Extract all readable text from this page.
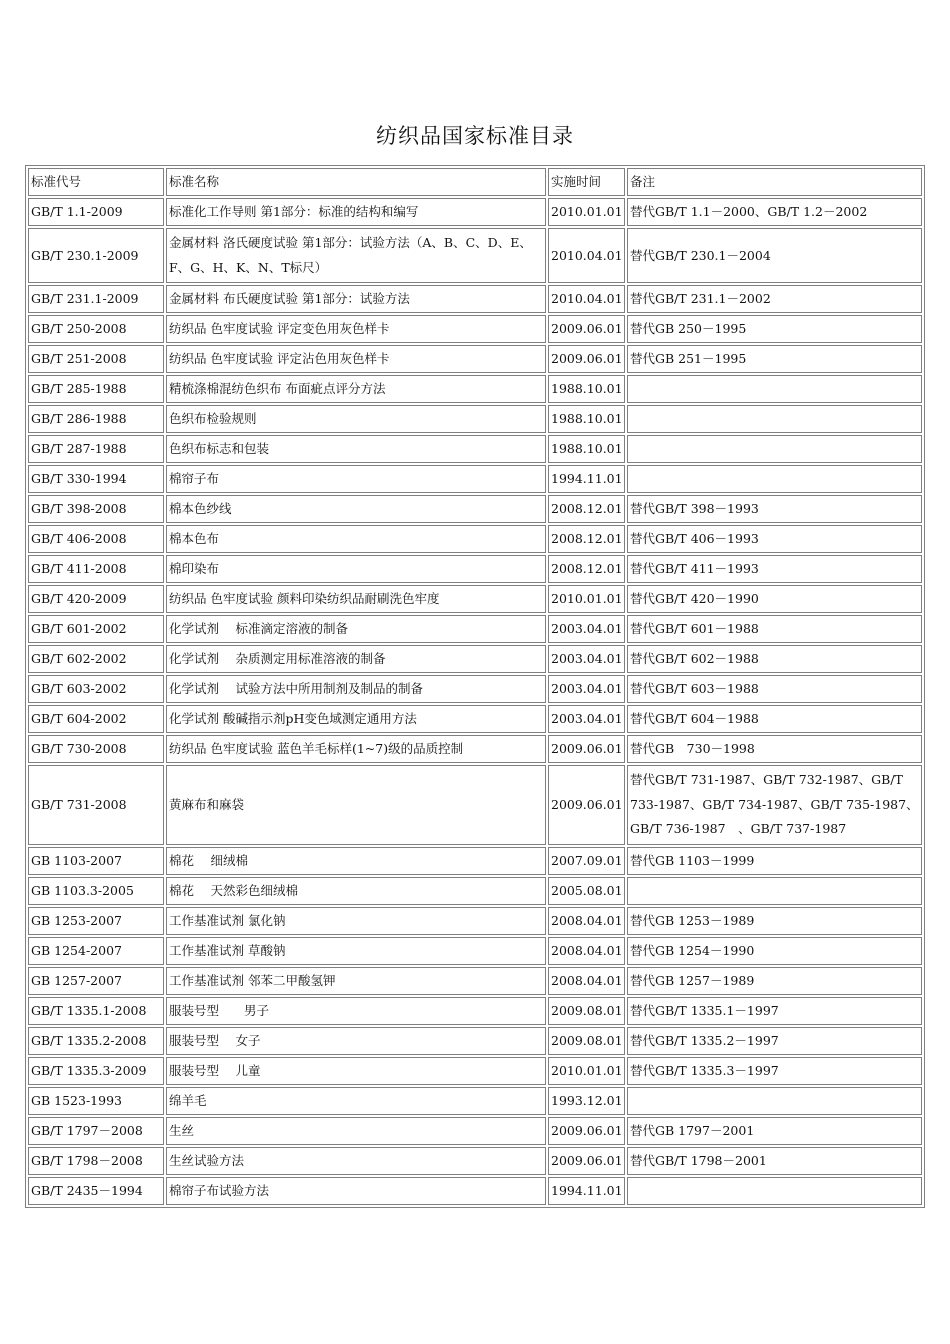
纺织品国家标准目录
标准代号	标准名称	实施时间	备注
GB/T 1.1-2009	标准化工作导则 第1部分：标准的结构和编写	2010.01.01	替代GB/T 1.1－2000、GB/T 1.2－2002
GB/T 230.1-2009	金属材料 洛氏硬度试验 第1部分：试验方法（A、B、C、D、E、F、G、H、K、N、T标尺）	2010.04.01	替代GB/T 230.1－2004
GB/T 231.1-2009	金属材料 布氏硬度试验 第1部分：试验方法	2010.04.01	替代GB/T 231.1－2002
GB/T 250-2008	纺织品 色牢度试验 评定变色用灰色样卡	2009.06.01	替代GB 250－1995
GB/T 251-2008	纺织品 色牢度试验 评定沾色用灰色样卡	2009.06.01	替代GB 251－1995
GB/T 285-1988	精梳涤棉混纺色织布 布面疵点评分方法	1988.10.01	
GB/T 286-1988	色织布检验规则	1988.10.01	
GB/T 287-1988	色织布标志和包装	1988.10.01	
GB/T 330-1994	棉帘子布	1994.11.01	
GB/T 398-2008	棉本色纱线	2008.12.01	替代GB/T 398－1993
GB/T 406-2008	棉本色布	2008.12.01	替代GB/T 406－1993
GB/T 411-2008	棉印染布	2008.12.01	替代GB/T 411－1993
GB/T 420-2009	纺织品 色牢度试验 颜料印染纺织品耐刷洗色牢度	2010.01.01	替代GB/T 420－1990
GB/T 601-2002	化学试剂　 标准滴定溶液的制备	2003.04.01	替代GB/T 601－1988
GB/T 602-2002	化学试剂　 杂质测定用标准溶液的制备	2003.04.01	替代GB/T 602－1988
GB/T 603-2002	化学试剂　 试验方法中所用制剂及制品的制备	2003.04.01	替代GB/T 603－1988
GB/T 604-2002	化学试剂 酸碱指示剂pH变色域测定通用方法	2003.04.01	替代GB/T 604－1988
GB/T 730-2008	纺织品 色牢度试验 蓝色羊毛标样(1~7)级的品质控制	2009.06.01	替代GB　730－1998
GB/T 731-2008	黄麻布和麻袋	2009.06.01	替代GB/T 731-1987、GB/T 732-1987、GB/T 733-1987、GB/T 734-1987、GB/T 735-1987、GB/T 736-1987　、GB/T 737-1987
GB 1103-2007	棉花　 细绒棉	2007.09.01	替代GB 1103－1999
GB 1103.3-2005	棉花　 天然彩色细绒棉	2005.08.01	
GB 1253-2007	工作基准试剂 氯化钠	2008.04.01	替代GB 1253－1989
GB 1254-2007	工作基准试剂 草酸钠	2008.04.01	替代GB 1254－1990
GB 1257-2007	工作基准试剂 邻苯二甲酸氢钾	2008.04.01	替代GB 1257－1989
GB/T 1335.1-2008	服装号型　　男子	2009.08.01	替代GB/T 1335.1－1997
GB/T 1335.2-2008	服装号型　 女子	2009.08.01	替代GB/T 1335.2－1997
GB/T 1335.3-2009	服装号型　 儿童	2010.01.01	替代GB/T 1335.3－1997
GB 1523-1993	绵羊毛	1993.12.01	
GB/T 1797－2008	生丝	2009.06.01	替代GB 1797－2001
GB/T 1798－2008	生丝试验方法	2009.06.01	替代GB/T 1798－2001
GB/T 2435－1994	棉帘子布试验方法	1994.11.01	
